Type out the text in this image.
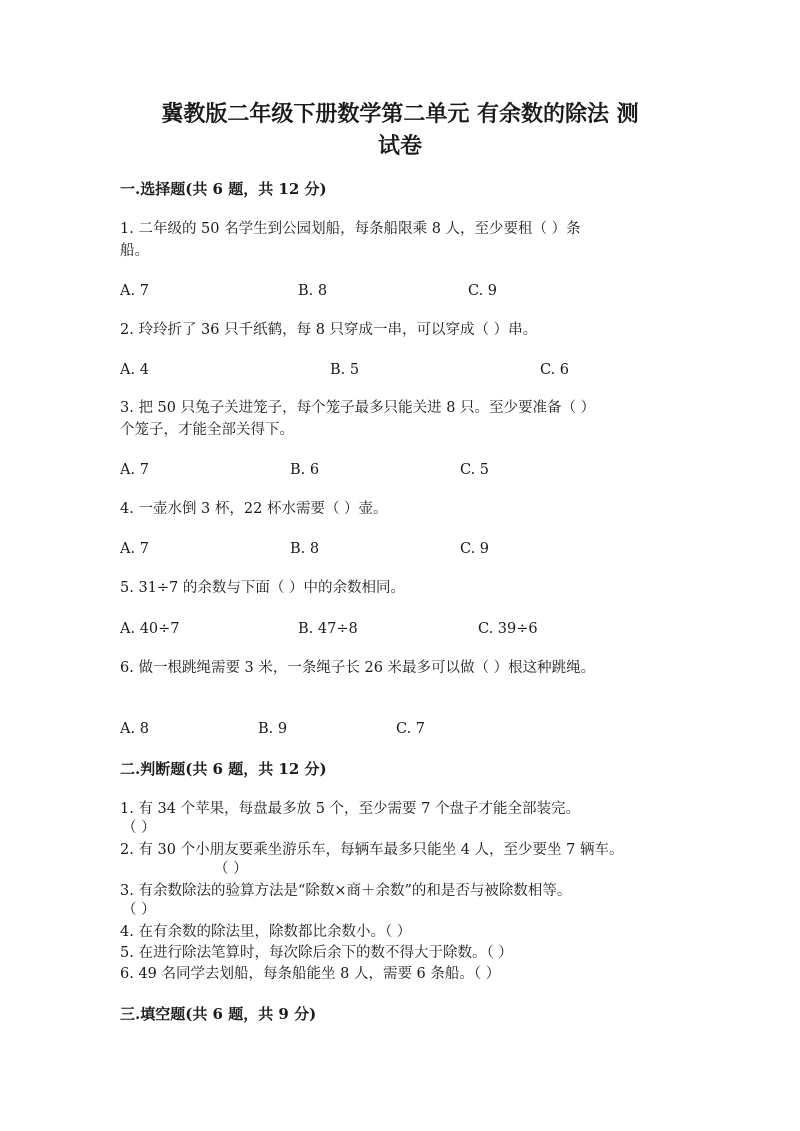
冀教版二年级下册数学第二单元 有余数的除法 测
试卷
一.选择题(共 6 题，共 12 分)
1. 二年级的 50 名学生到公园划船，每条船限乘 8 人，至少要租（ ）条
船。
A. 7	B. 8	C. 9
2. 玲玲折了 36 只千纸鹤，每 8 只穿成一串，可以穿成（ ）串。
A. 4	B. 5	C. 6
3. 把 50 只兔子关进笼子，每个笼子最多只能关进 8 只。至少要准备（ ）
个笼子，才能全部关得下。
A. 7	B. 6	C. 5
4. 一壶水倒 3 杯，22 杯水需要（ ）壶。
A. 7	B. 8	C. 9
5. 31÷7 的余数与下面（ ）中的余数相同。
A. 40÷7	B. 47÷8	C. 39÷6
6. 做一根跳绳需要 3 米，一条绳子长 26 米最多可以做（ ）根这种跳绳。
A. 8	B. 9	C. 7
二.判断题(共 6 题，共 12 分)
1. 有 34 个苹果，每盘最多放 5 个，至少需要 7 个盘子才能全部装完。
（ ）
2. 有 30 个小朋友要乘坐游乐车，每辆车最多只能坐 4 人，至少要坐 7 辆车。
（ ）
3. 有余数除法的验算方法是“除数×商＋余数”的和是否与被除数相等。
（ ）
4. 在有余数的除法里，除数都比余数小。（ ）
5. 在进行除法笔算时，每次除后余下的数不得大于除数。（ ）
6. 49 名同学去划船，每条船能坐 8 人，需要 6 条船。（ ）
三.填空题(共 6 题，共 9 分)
